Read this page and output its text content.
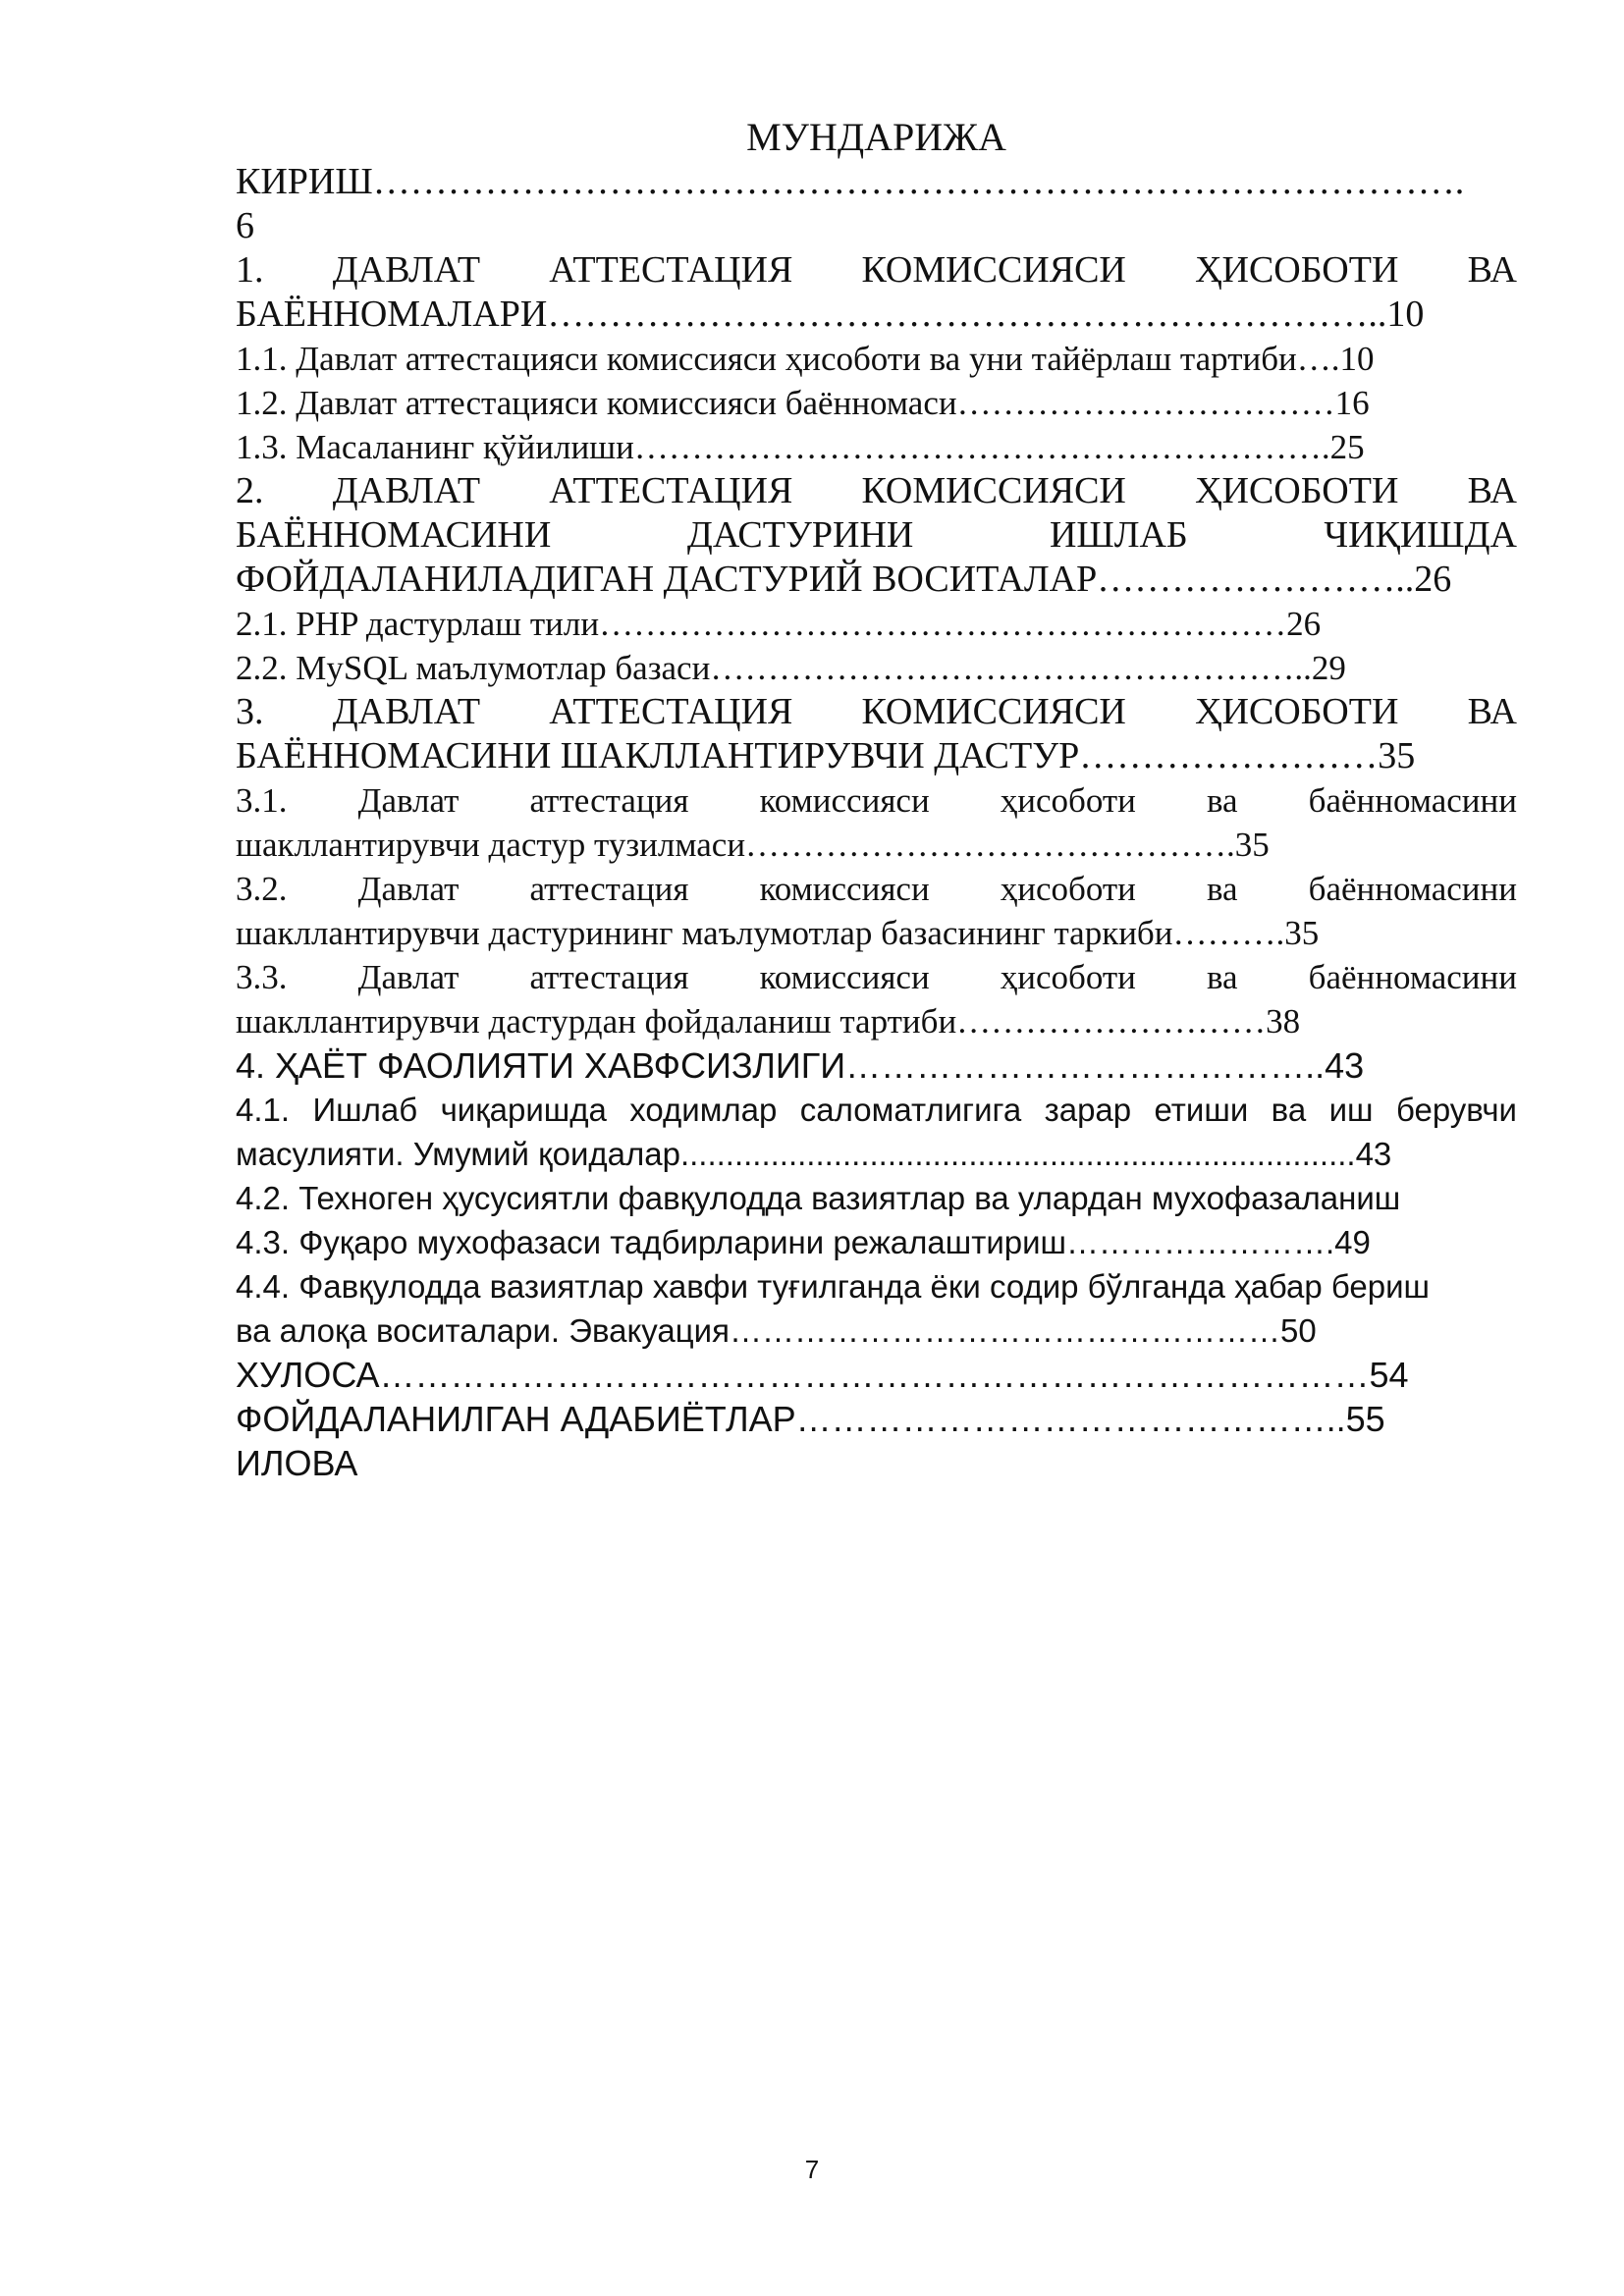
МУНДАРИЖА

КИРИШ…………………………………………………………………………….

6

1. ДАВЛАТ АТТЕСТАЦИЯ КОМИССИЯСИ ҲИСОБОТИ ВА

БАЁННОМАЛАРИ…………………………………………………………..10

1.1. Давлат аттестацияси комиссияси ҳисоботи ва уни тайёрлаш тартиби….10

1.2. Давлат аттестацияси комиссияси баённомаси……………………………16

1.3. Масаланинг қўйилиши…………………………………………………….25

2. ДАВЛАТ АТТЕСТАЦИЯ КОМИССИЯСИ ҲИСОБОТИ ВА

БАЁННОМАСИНИ ДАСТУРИНИ ИШЛАБ ЧИҚИШДА

ФОЙДАЛАНИЛАДИГАН ДАСТУРИЙ ВОСИТАЛАР……………………..26

2.1. PHP дастурлаш тили……………………………………………………26

2.2. MySQL маълумотлар базаси……………………………………………..29

3. ДАВЛАТ АТТЕСТАЦИЯ КОМИССИЯСИ ҲИСОБОТИ ВА

БАЁННОМАСИНИ ШАКЛЛАНТИРУВЧИ ДАСТУР……………………35

3.1. Давлат аттестация комиссияси ҳисоботи ва баённомасини

шакллантирувчи дастур тузилмаси…………………………………….35

3.2. Давлат аттестация комиссияси ҳисоботи ва баённомасини

шакллантирувчи дастурининг маълумотлар базасининг таркиби……….35

3.3. Давлат аттестация комиссияси ҳисоботи ва баённомасини

шакллантирувчи дастурдан фойдаланиш тартиби………………………38

4. ҲАЁТ ФАОЛИЯТИ ХАВФСИЗЛИГИ…………………………………..43

4.1. Ишлаб чиқаришда ходимлар саломатлигига зарар етиши ва иш берувчи

масулияти. Умумий қоидалар...........................................................................43

4.2. Техноген ҳусусиятли фавқулодда вазиятлар ва улардан мухофазаланиш

4.3. Фуқаро мухофазаси тадбирларини режалаштириш…………………….49

4.4. Фавқулодда вазиятлар хавфи туғилганда ёки содир бўлганда ҳабар бериш

ва алоқа воситалари. Эвакуация……………………………………………50

ХУЛОСА…………………………………………………………………………54

ФОЙДАЛАНИЛГАН АДАБИЁТЛАР………………………………………..55

ИЛОВА

7
